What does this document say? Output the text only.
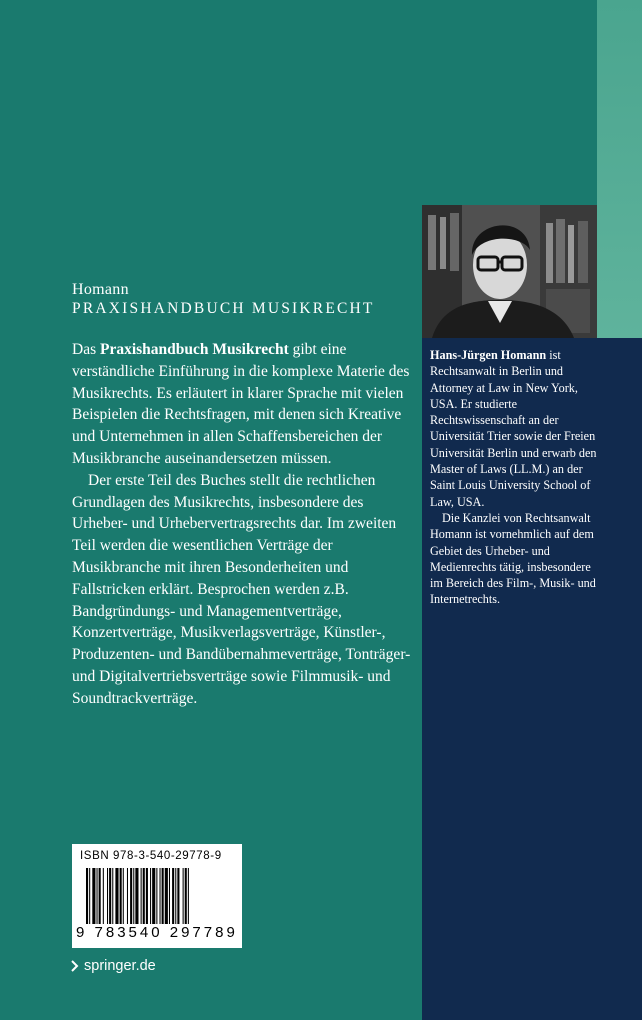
Homann
PRAXISHANDBUCH MUSIKRECHT

Das Praxishandbuch Musikrecht gibt eine verständliche Einführung in die komplexe Materie des Musikrechts. Es erläutert in klarer Sprache mit vielen Beispielen die Rechtsfragen, mit denen sich Kreative und Unternehmen in allen Schaffensbereichen der Musikbranche auseinandersetzen müssen.

Der erste Teil des Buches stellt die rechtlichen Grundlagen des Musikrechts, insbesondere des Urheber- und Urhebervertragsrechts dar. Im zweiten Teil werden die wesentlichen Verträge der Musikbranche mit ihren Besonderheiten und Fallstricken erklärt. Besprochen werden z.B. Bandgründungs- und Managementverträge, Konzertverträge, Musikverlagsverträge, Künstler-, Produzenten- und Bandübernahmeverträge, Tonträger- und Digitalvertriebsverträge sowie Filmmusik- und Soundtrackverträge.

Hans-Jürgen Homann ist Rechtsanwalt in Berlin und Attorney at Law in New York, USA. Er studierte Rechtswissenschaft an der Universität Trier sowie der Freien Universität Berlin und erwarb den Master of Laws (LL.M.) an der Saint Louis University School of Law, USA.

Die Kanzlei von Rechtsanwalt Homann ist vornehmlich auf dem Gebiet des Urheber- und Medienrechts tätig, insbesondere im Bereich des Film-, Musik- und Internetrechts.

ISBN 978-3-540-29778-9
9 783540 297789
springer.de
